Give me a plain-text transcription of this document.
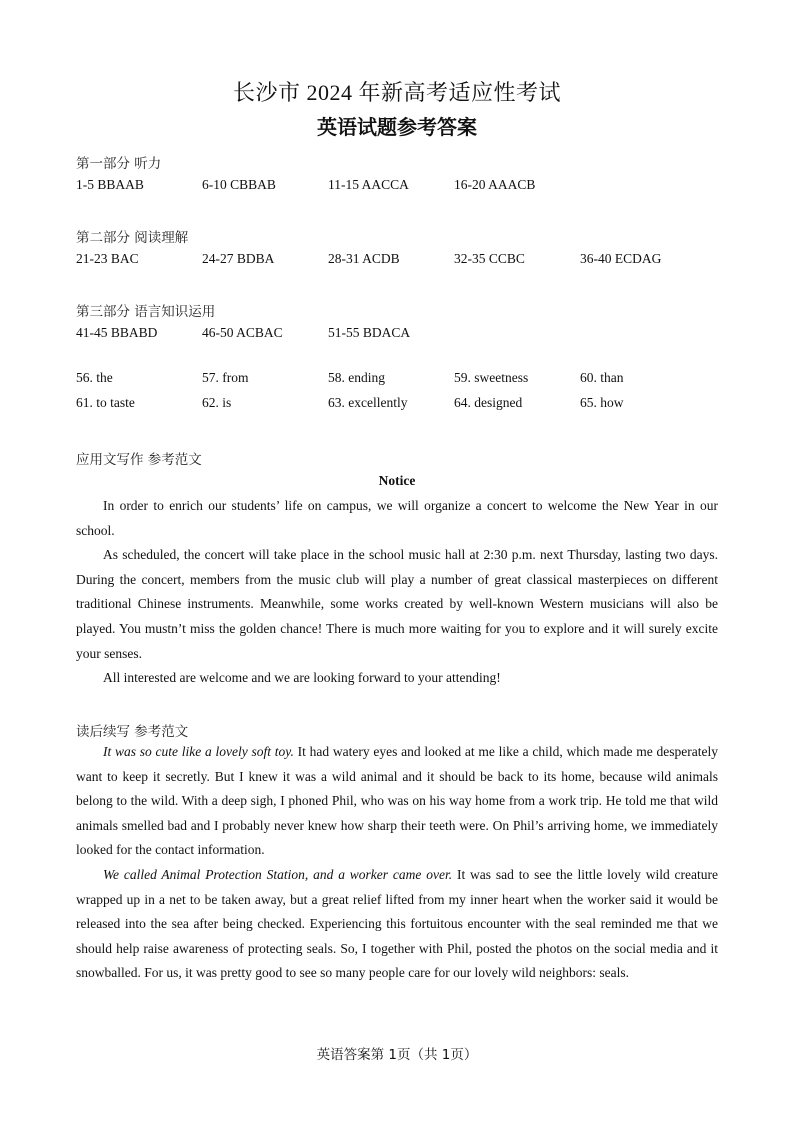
长沙市 2024 年新高考适应性考试
英语试题参考答案
第一部分 听力
1-5 BBAAB	6-10 CBBAB	11-15 AACCA	16-20 AAACB
第二部分 阅读理解
21-23 BAC	24-27 BDBA	28-31 ACDB	32-35 CCBC	36-40 ECDAG
第三部分 语言知识运用
41-45 BBABD	46-50 ACBAC	51-55 BDACA
56. the	57. from	58. ending	59. sweetness	60. than
61. to taste	62. is	63. excellently	64. designed	65. how
应用文写作 参考范文
Notice

In order to enrich our students’ life on campus, we will organize a concert to welcome the New Year in our school.

As scheduled, the concert will take place in the school music hall at 2:30 p.m. next Thursday, lasting two days. During the concert, members from the music club will play a number of great classical masterpieces on different traditional Chinese instruments. Meanwhile, some works created by well-known Western musicians will also be played. You mustn’t miss the golden chance! There is much more waiting for you to explore and it will surely excite your senses.

All interested are welcome and we are looking forward to your attending!

读后续写 参考范文

It was so cute like a lovely soft toy. It had watery eyes and looked at me like a child, which made me desperately want to keep it secretly. But I knew it was a wild animal and it should be back to its home, because wild animals belong to the wild. With a deep sigh, I phoned Phil, who was on his way home from a work trip. He told me that wild animals smelled bad and I probably never knew how sharp their teeth were. On Phil’s arriving home, we immediately looked for the contact information.

We called Animal Protection Station, and a worker came over. It was sad to see the little lovely wild creature wrapped up in a net to be taken away, but a great relief lifted from my inner heart when the worker said it would be released into the sea after being checked. Experiencing this fortuitous encounter with the seal reminded me that we should help raise awareness of protecting seals. So, I together with Phil, posted the photos on the social media and it snowballed. For us, it was pretty good to see so many people care for our lovely wild neighbors: seals.

英语答案第 1页（共 1页）
